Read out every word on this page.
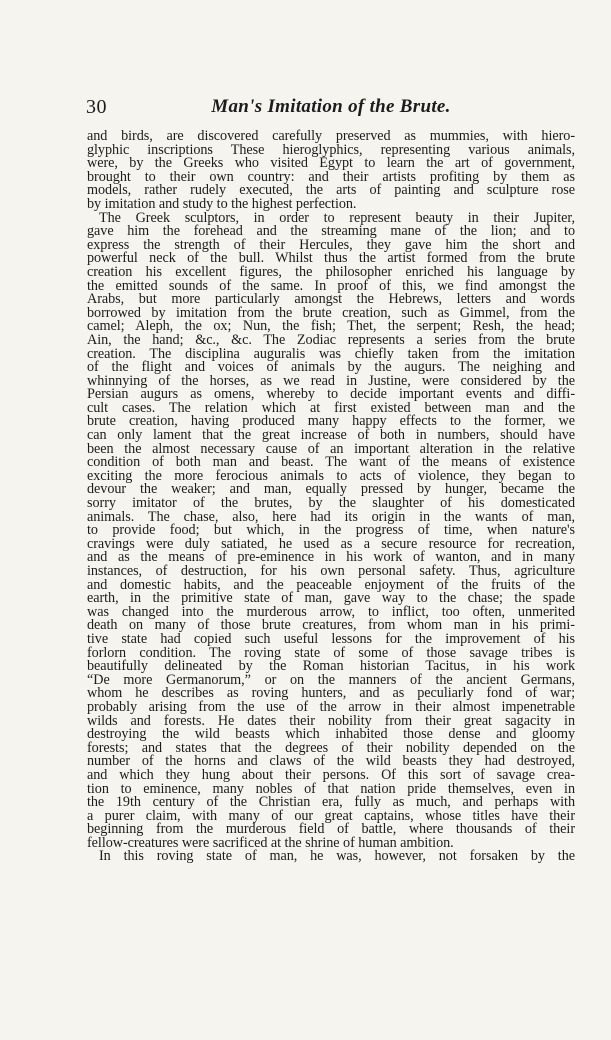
30	Man's Imitation of the Brute.
and birds, are discovered carefully preserved as mummies, with hiero-
glyphic inscriptions These hieroglyphics, representing various animals,
were, by the Greeks who visited Egypt to learn the art of government,
brought to their own country: and their artists profiting by them as
models, rather rudely executed, the arts of painting and sculpture rose
by imitation and study to the highest perfection.
The Greek sculptors, in order to represent beauty in their Jupiter,
gave him the forehead and the streaming mane of the lion; and to
express the strength of their Hercules, they gave him the short and
powerful neck of the bull. Whilst thus the artist formed from the brute
creation his excellent figures, the philosopher enriched his language by
the emitted sounds of the same. In proof of this, we find amongst the
Arabs, but more particularly amongst the Hebrews, letters and words
borrowed by imitation from the brute creation, such as Gimmel, from the
camel; Aleph, the ox; Nun, the fish; Thet, the serpent; Resh, the head;
Ain, the hand; &c., &c. The Zodiac represents a series from the brute
creation. The disciplina auguralis was chiefly taken from the imitation
of the flight and voices of animals by the augurs. The neighing and
whinnying of the horses, as we read in Justine, were considered by the
Persian augurs as omens, whereby to decide important events and diffi-
cult cases. The relation which at first existed between man and the
brute creation, having produced many happy effects to the former, we
can only lament that the great increase of both in numbers, should have
been the almost necessary cause of an important alteration in the relative
condition of both man and beast. The want of the means of existence
exciting the more ferocious animals to acts of violence, they began to
devour the weaker; and man, equally pressed by hunger, became the
sorry imitator of the brutes, by the slaughter of his domesticated
animals. The chase, also, here had its origin in the wants of man,
to provide food; but which, in the progress of time, when nature's
cravings were duly satiated, he used as a secure resource for recreation,
and as the means of pre-eminence in his work of wanton, and in many
instances, of destruction, for his own personal safety. Thus, agriculture
and domestic habits, and the peaceable enjoyment of the fruits of the
earth, in the primitive state of man, gave way to the chase; the spade
was changed into the murderous arrow, to inflict, too often, unmerited
death on many of those brute creatures, from whom man in his primi-
tive state had copied such useful lessons for the improvement of his
forlorn condition. The roving state of some of those savage tribes is
beautifully delineated by the Roman historian Tacitus, in his work
“De more Germanorum,” or on the manners of the ancient Germans,
whom he describes as roving hunters, and as peculiarly fond of war;
probably arising from the use of the arrow in their almost impenetrable
wilds and forests. He dates their nobility from their great sagacity in
destroying the wild beasts which inhabited those dense and gloomy
forests; and states that the degrees of their nobility depended on the
number of the horns and claws of the wild beasts they had destroyed,
and which they hung about their persons. Of this sort of savage crea-
tion to eminence, many nobles of that nation pride themselves, even in
the 19th century of the Christian era, fully as much, and perhaps with
a purer claim, with many of our great captains, whose titles have their
beginning from the murderous field of battle, where thousands of their
fellow-creatures were sacrificed at the shrine of human ambition.
In this roving state of man, he was, however, not forsaken by the
